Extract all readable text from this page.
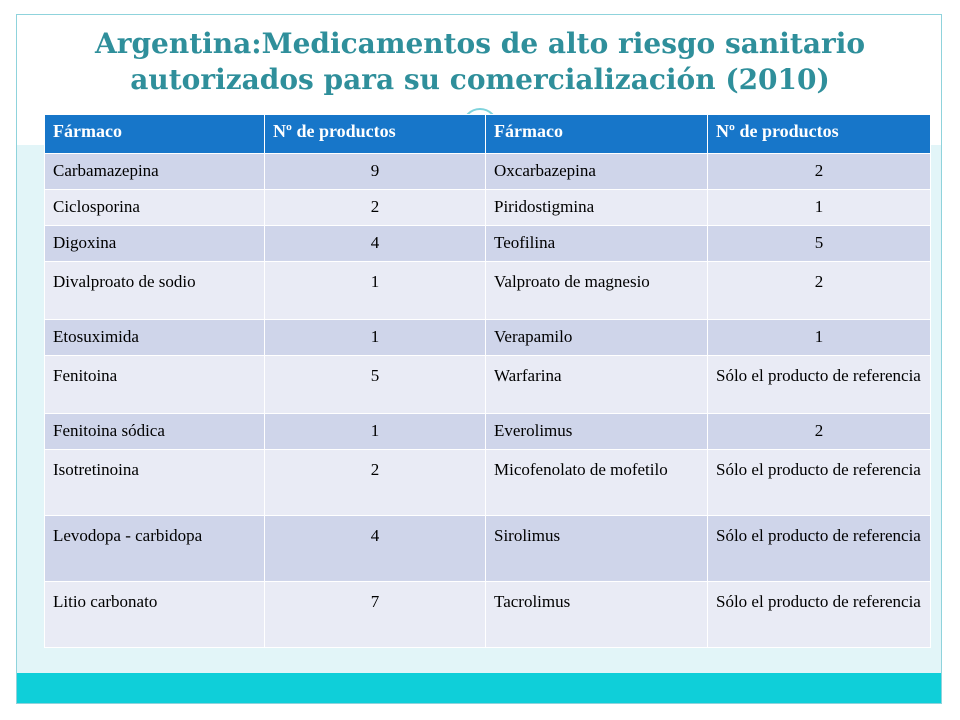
Argentina:Medicamentos de alto riesgo sanitario
autorizados para su comercialización (2010)
Fármaco	Nº de productos	Fármaco	Nº de productos
Carbamazepina	9	Oxcarbazepina	2
Ciclosporina	2	Piridostigmina	1
Digoxina	4	Teofilina	5
Divalproato de sodio	1	Valproato de magnesio	2
Etosuximida	1	Verapamilo	1
Fenitoina	5	Warfarina	Sólo el producto de referencia
Fenitoina sódica	1	Everolimus	2
Isotretinoina	2	Micofenolato de mofetilo	Sólo el producto de referencia
Levodopa - carbidopa	4	Sirolimus	Sólo el producto de referencia
Litio carbonato	7	Tacrolimus	Sólo el producto de referencia
